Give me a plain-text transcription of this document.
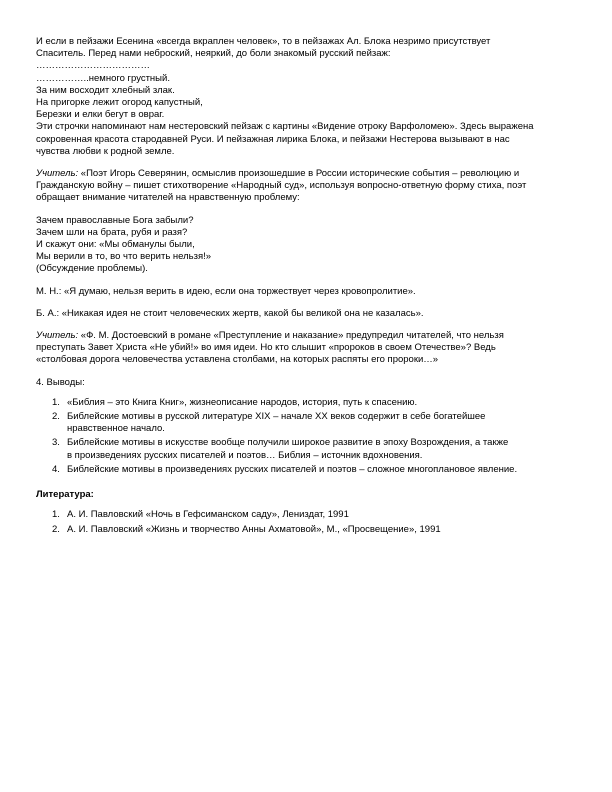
И если в пейзажи Есенина «всегда вкраплен человек», то в пейзажах Ал. Блока незримо присутствует
Спаситель. Перед нами неброский, неяркий, до боли знакомый русский пейзаж:
………………………………
……………..немного грустный.
За ним восходит хлебный злак.
На пригорке лежит огород капустный,
Березки и елки бегут в овраг.
Эти строчки напоминают нам нестеровский пейзаж с картины «Видение отроку Варфоломею». Здесь выражена
сокровенная красота стародавней Руси. И пейзажная лирика Блока, и пейзажи Нестерова вызывают в нас
чувства любви к родной земле.

Учитель: «Поэт Игорь Северянин, осмыслив произошедшие в России исторические события – революцию и
Гражданскую войну – пишет стихотворение «Народный суд», используя вопросно-ответную форму стиха, поэт
обращает внимание читателей на нравственную проблему:

Зачем православные Бога забыли?
Зачем шли на брата, рубя и разя?
И скажут они: «Мы обманулы были,
Мы верили в то, во что верить нельзя!»
(Обсуждение проблемы).

М. Н.: «Я думаю, нельзя верить в идею, если она торжествует через кровопролитие».

Б. А.: «Никакая идея не стоит человеческих жертв, какой бы великой она не казалась».

Учитель: «Ф. М. Достоевский в романе «Преступление и наказание» предупредил читателей, что нельзя
преступать Завет Христа «Не убий!» во имя идеи. Но кто слышит «пророков в своем Отечестве»? Ведь
«столбовая дорога человечества уставлена столбами, на которых распяты его пророки…»

4. Выводы:

1. «Библия – это Книга Книг», жизнеописание народов, история, путь к спасению.
2. Библейские мотивы в русской литературе XIX – начале XX веков содержит в себе богатейшее
нравственное начало.
3. Библейские мотивы в искусстве вообще получили широкое развитие в эпоху Возрождения, а также
в произведениях русских писателей и поэтов… Библия – источник вдохновения.
4. Библейские мотивы в произведениях русских писателей и поэтов – сложное многоплановое явление.

Литература:

1. А. И. Павловский «Ночь в Гефсиманском саду», Лениздат, 1991
2. А. И. Павловский «Жизнь и творчество Анны Ахматовой», М., «Просвещение», 1991
